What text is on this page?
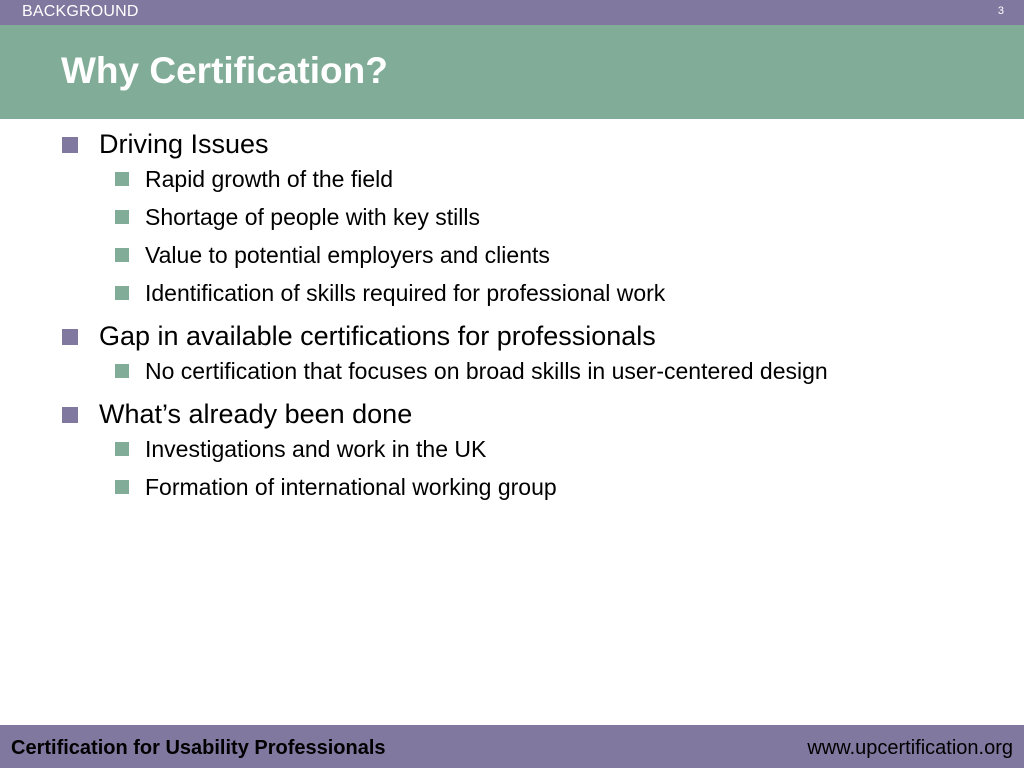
BACKGROUND	3
Why Certification?
Driving Issues
Rapid growth of the field
Shortage of people with key stills
Value to potential employers and clients
Identification of skills required for professional work
Gap in available certifications for professionals
No certification that focuses on broad skills in user-centered design
What’s already been done
Investigations and work in the UK
Formation of international working group
Certification for Usability Professionals	www.upcertification.org
